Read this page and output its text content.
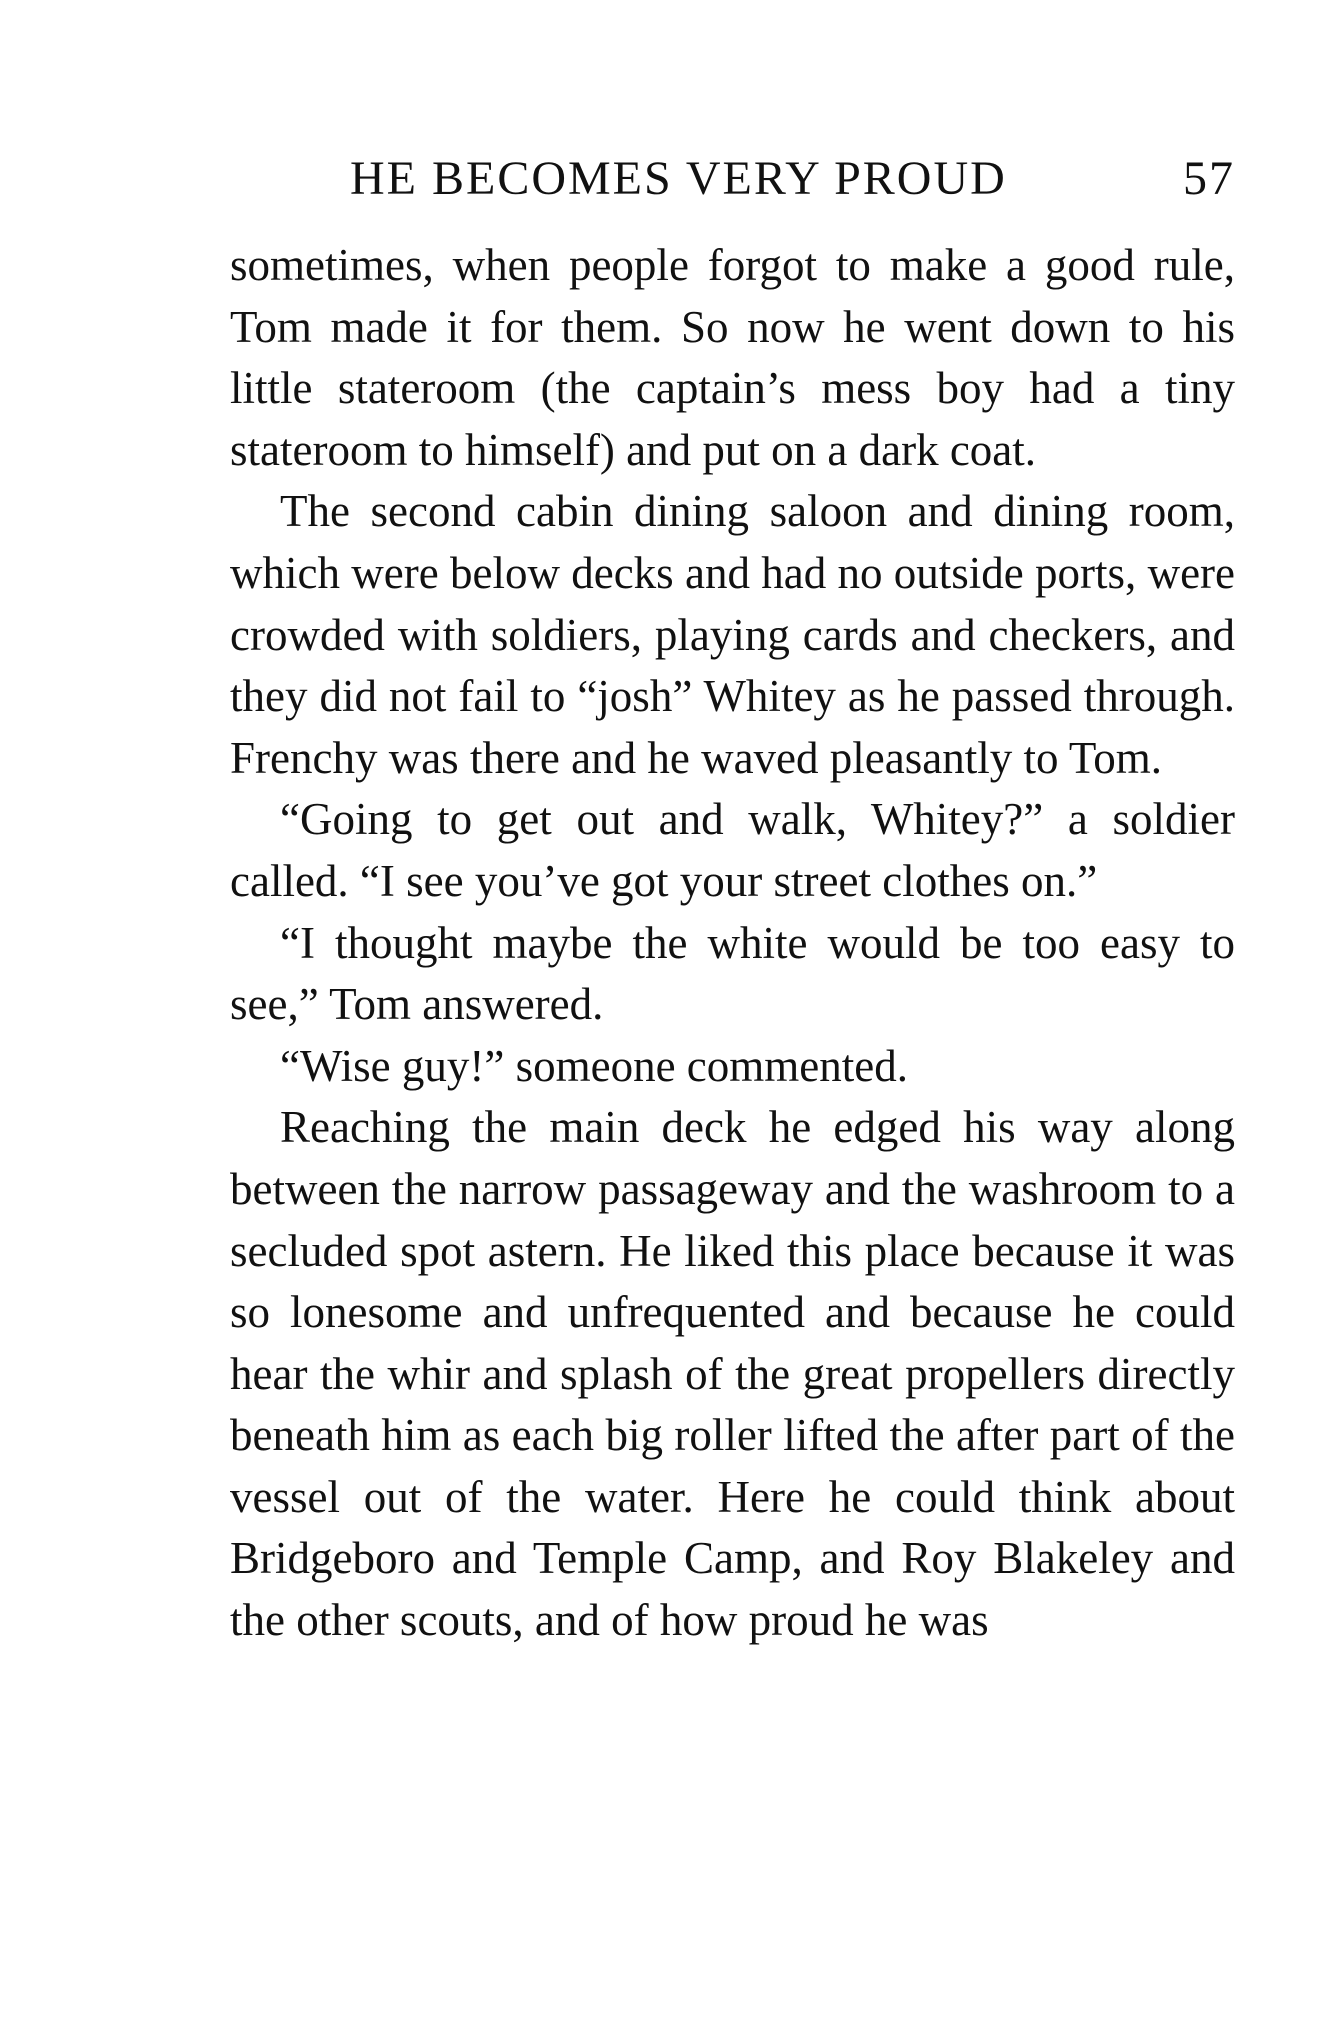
HE BECOMES VERY PROUD	57

sometimes, when people forgot to make a good rule, Tom made it for them. So now he went down to his little stateroom (the captain’s mess boy had a tiny stateroom to himself) and put on a dark coat.

The second cabin dining saloon and dining room, which were below decks and had no outside ports, were crowded with soldiers, playing cards and checkers, and they did not fail to “josh” Whitey as he passed through. Frenchy was there and he waved pleasantly to Tom.

“Going to get out and walk, Whitey?” a soldier called. “I see you’ve got your street clothes on.”

“I thought maybe the white would be too easy to see,” Tom answered.

“Wise guy!” someone commented.

Reaching the main deck he edged his way along between the narrow passageway and the washroom to a secluded spot astern. He liked this place because it was so lonesome and unfrequented and because he could hear the whir and splash of the great propellers directly beneath him as each big roller lifted the after part of the vessel out of the water. Here he could think about Bridgeboro and Temple Camp, and Roy Blakeley and the other scouts, and of how proud he was
